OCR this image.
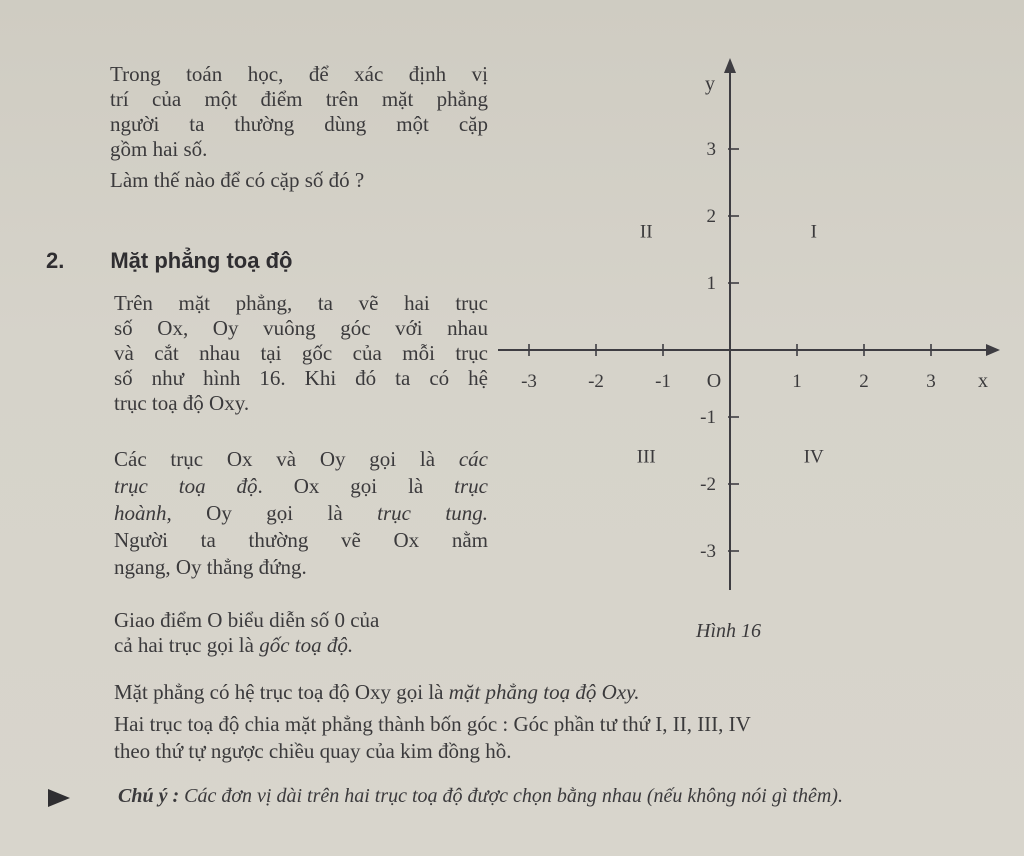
Trong toán học, để xác định vị
trí của một điểm trên mặt phẳng
người ta thường dùng một cặp
gồm hai số.
Làm thế nào để có cặp số đó ?
2. Mặt phẳng toạ độ
Trên mặt phẳng, ta vẽ hai trục
số Ox, Oy vuông góc với nhau
và cắt nhau tại gốc của mỗi trục
số như hình 16. Khi đó ta có hệ
trục toạ độ Oxy.
Các trục Ox và Oy gọi là các
trục toạ độ. Ox gọi là trục
hoành, Oy gọi là trục tung.
Người ta thường vẽ Ox nằm
ngang, Oy thẳng đứng.
Giao điểm O biểu diễn số 0 của
cả hai trục gọi là gốc toạ độ.
Mặt phẳng có hệ trục toạ độ Oxy gọi là mặt phẳng toạ độ Oxy.
Hai trục toạ độ chia mặt phẳng thành bốn góc : Góc phần tư thứ I, II, III, IV
theo thứ tự ngược chiều quay của kim đồng hồ.
Chú ý : Các đơn vị dài trên hai trục toạ độ được chọn bằng nhau (nếu không nói gì thêm).
-3	-2	-1	1	2	3
3
2
1
-1
-2
-3
O	x
y
I
II
III	IV
Hình 16
